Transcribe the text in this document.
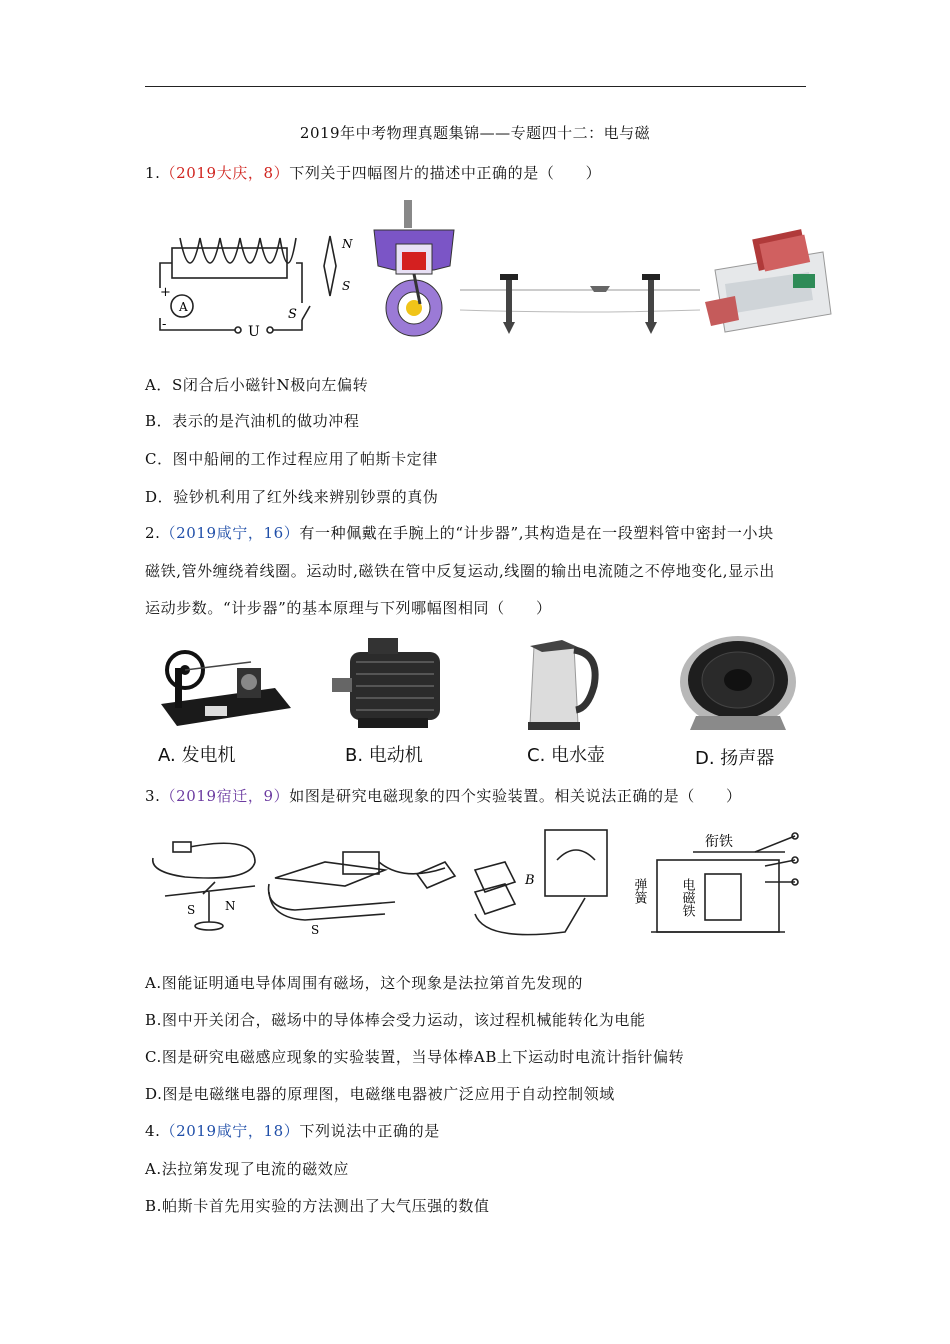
2019年中考物理真题集锦——专题四十二：电与磁
1.（2019大庆，8）下列关于四幅图片的描述中正确的是（　　）
A
+
-	U
S
N
S
A．S闭合后小磁针N极向左偏转
B．表示的是汽油机的做功冲程
C．图中船闸的工作过程应用了帕斯卡定律
D．验钞机利用了红外线来辨别钞票的真伪
2.（2019咸宁，16）有一种佩戴在手腕上的“计步器”,其构造是在一段塑料管中密封一小块
磁铁,管外缠绕着线圈。运动时,磁铁在管中反复运动,线圈的输出电流随之不停地变化,显示出
运动步数。“计步器”的基本原理与下列哪幅图相同（　　）
A. 发电机	B. 电动机	C. 电水壶	D. 扬声器
3.（2019宿迁，9）如图是研究电磁现象的四个实验装置。相关说法正确的是（　　）
S N
S
B
衔铁
弹簧	电磁铁
A.图能证明通电导体周围有磁场，这个现象是法拉第首先发现的
B.图中开关闭合，磁场中的导体棒会受力运动，该过程机械能转化为电能
C.图是研究电磁感应现象的实验装置，当导体棒AB上下运动时电流计指针偏转
D.图是电磁继电器的原理图，电磁继电器被广泛应用于自动控制领域
4.（2019咸宁，18）下列说法中正确的是
A.法拉第发现了电流的磁效应
B.帕斯卡首先用实验的方法测出了大气压强的数值
